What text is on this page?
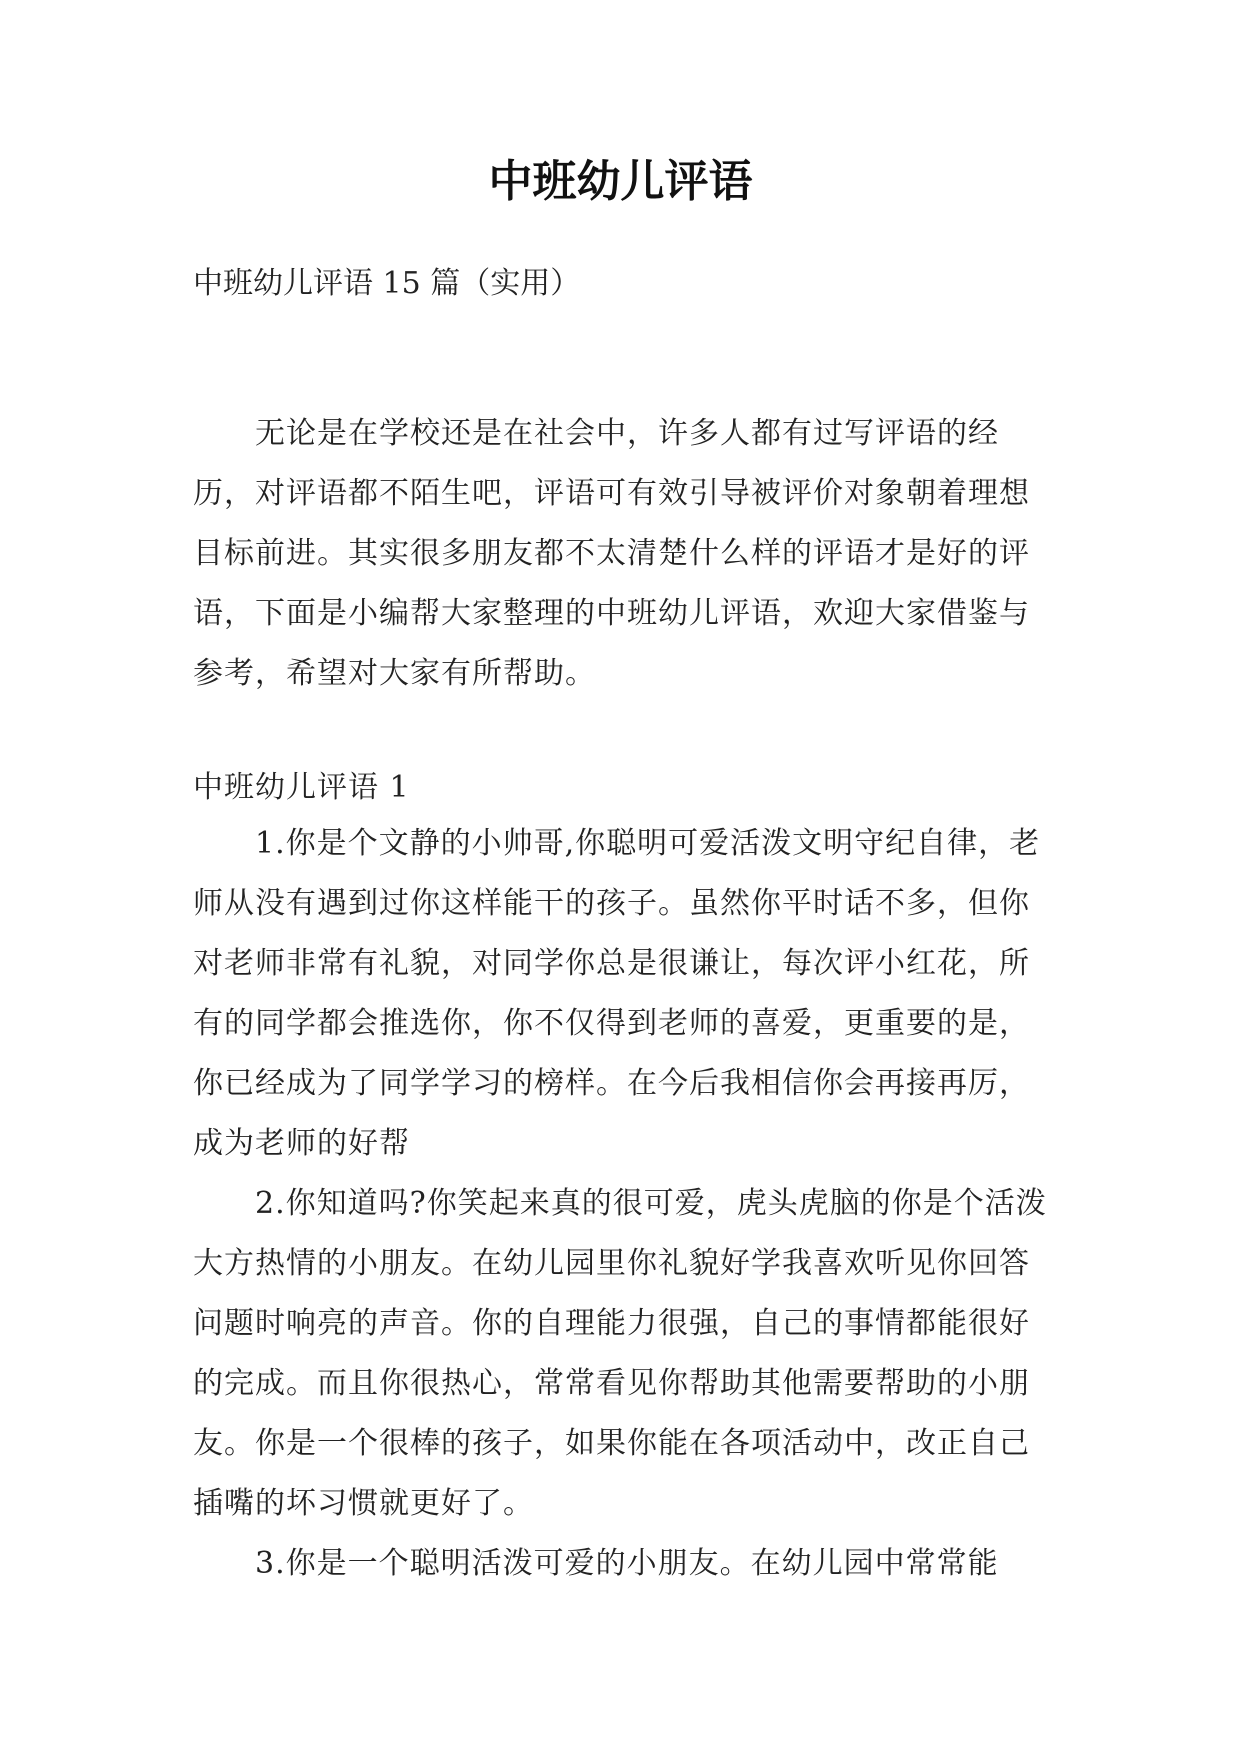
中班幼儿评语
中班幼儿评语 15 篇（实用）

无论是在学校还是在社会中，许多人都有过写评语的经历，对评语都不陌生吧，评语可有效引导被评价对象朝着理想目标前进。其实很多朋友都不太清楚什么样的评语才是好的评语，下面是小编帮大家整理的中班幼儿评语，欢迎大家借鉴与参考，希望对大家有所帮助。

中班幼儿评语 1

1.你是个文静的小帅哥,你聪明可爱活泼文明守纪自律，老师从没有遇到过你这样能干的孩子。虽然你平时话不多，但你对老师非常有礼貌，对同学你总是很谦让，每次评小红花，所有的同学都会推选你，你不仅得到老师的喜爱，更重要的是，你已经成为了同学学习的榜样。在今后我相信你会再接再厉，成为老师的好帮

2.你知道吗?你笑起来真的很可爱，虎头虎脑的你是个活泼大方热情的小朋友。在幼儿园里你礼貌好学我喜欢听见你回答问题时响亮的声音。你的自理能力很强，自己的事情都能很好的完成。而且你很热心，常常看见你帮助其他需要帮助的小朋友。你是一个很棒的孩子，如果你能在各项活动中，改正自己插嘴的坏习惯就更好了。

3.你是一个聪明活泼可爱的小朋友。在幼儿园中常常能
